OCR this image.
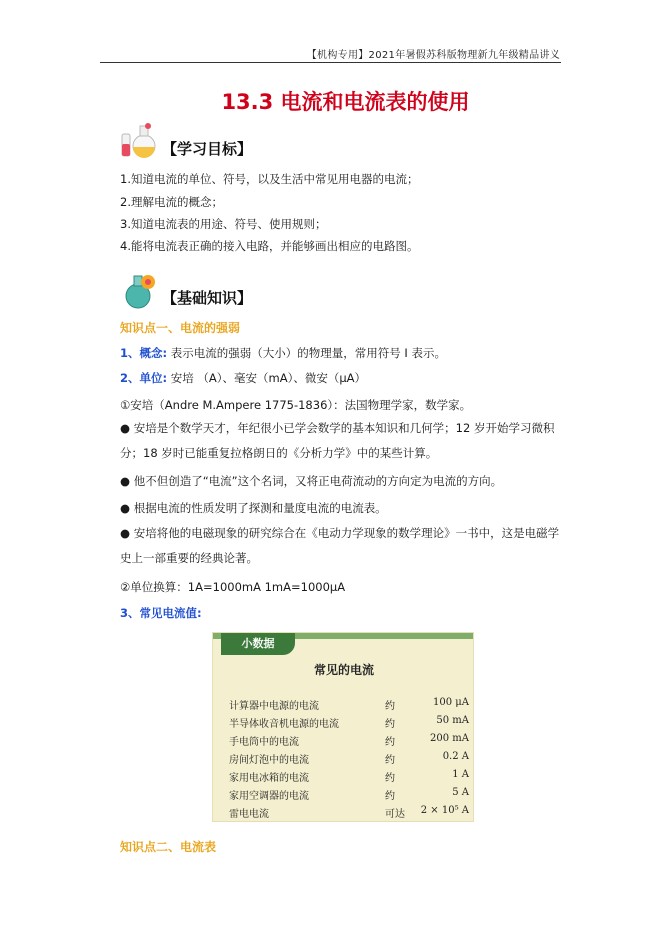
【机构专用】2021年暑假苏科版物理新九年级精品讲义
13.3 电流和电流表的使用
【学习目标】
1.知道电流的单位、符号，以及生活中常见用电器的电流；
2.理解电流的概念；
3.知道电流表的用途、符号、使用规则；
4.能将电流表正确的接入电路，并能够画出相应的电路图。
【基础知识】
知识点一、电流的强弱
1、概念: 表示电流的强弱（大小）的物理量，常用符号 I 表示。
2、单位: 安培 （A）、毫安（mA）、微安（μA）
①安培（Andre M.Ampere 1775-1836）：法国物理学家，数学家。
● 安培是个数学天才，年纪很小已学会数学的基本知识和几何学；12 岁开始学习微积分；18 岁时已能重复拉格朗日的《分析力学》中的某些计算。
● 他不但创造了“电流”这个名词，又将正电荷流动的方向定为电流的方向。
● 根据电流的性质发明了探测和量度电流的电流表。
● 安培将他的电磁现象的研究综合在《电动力学现象的数学理论》一书中，这是电磁学史上一部重要的经典论著。
②单位换算：1A=1000mA 1mA=1000μA
3、常见电流值:
小数据
常见的电流
计算器中电源的电流	约	100 μA
半导体收音机电源的电流	约	50 mA
手电筒中的电流	约	200 mA
房间灯泡中的电流	约	0.2 A
家用电冰箱的电流	约	1 A
家用空调器的电流	约	5 A
雷电电流	可达 2 × 10⁵ A
知识点二、电流表
